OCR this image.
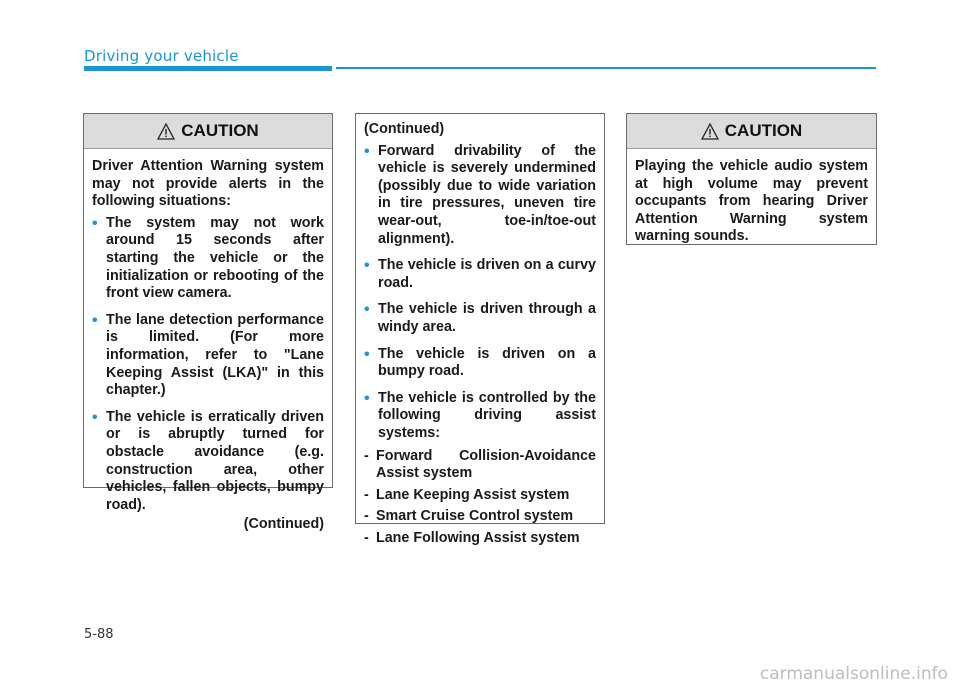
Driving your vehicle
CAUTION

Driver Attention Warning system may not provide alerts in the following situations:

• The system may not work around 15 seconds after starting the vehicle or the initialization or rebooting of the front view camera.
• The lane detection performance is limited. (For more information, refer to "Lane Keeping Assist (LKA)" in this chapter.)
• The vehicle is erratically driven or is abruptly turned for obstacle avoidance (e.g. construction area, other vehicles, fallen objects, bumpy road).
(Continued)

(Continued)

• Forward drivability of the vehicle is severely undermined (possibly due to wide variation in tire pressures, uneven tire wear-out, toe-in/toe-out alignment).
• The vehicle is driven on a curvy road.
• The vehicle is driven through a windy area.
• The vehicle is driven on a bumpy road.
• The vehicle is controlled by the following driving assist systems:
- Forward Collision-Avoidance Assist system
- Lane Keeping Assist system
- Smart Cruise Control system
- Lane Following Assist system
CAUTION

Playing the vehicle audio system at high volume may prevent occupants from hearing Driver Attention Warning system warning sounds.

5-88
carmanualsonline.info
